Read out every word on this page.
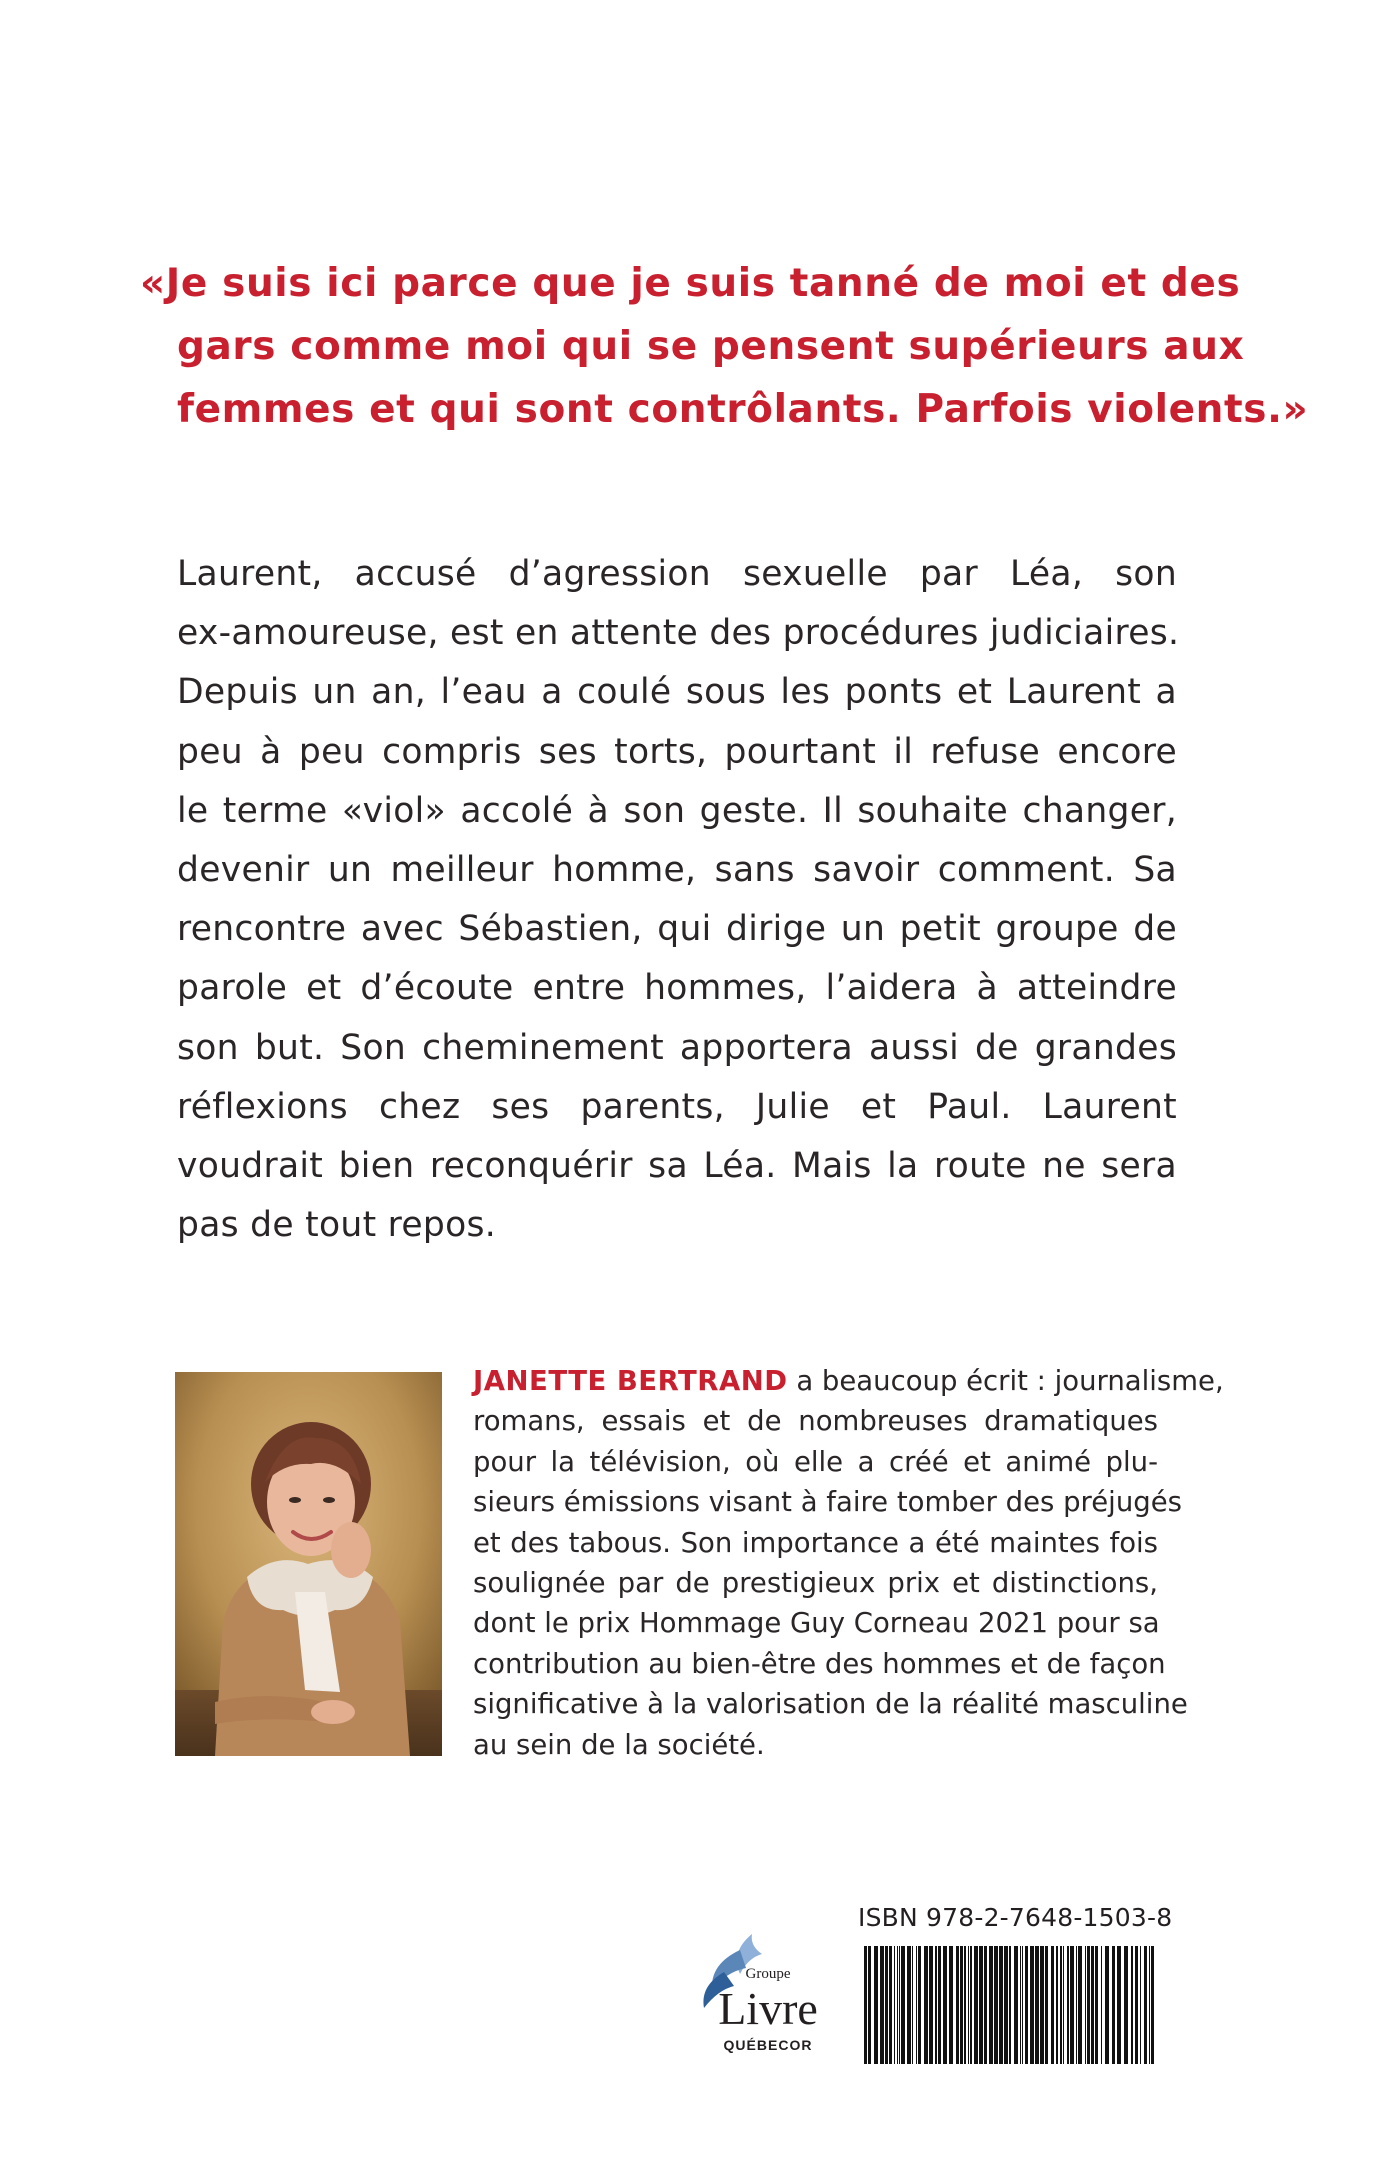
«Je suis ici parce que je suis tanné de moi et des
gars comme moi qui se pensent supérieurs aux
femmes et qui sont contrôlants. Parfois violents.»
Laurent, accusé d’agression sexuelle par Léa, son
ex-amoureuse, est en attente des procédures judiciaires.
Depuis un an, l’eau a coulé sous les ponts et Laurent a
peu à peu compris ses torts, pourtant il refuse encore
le terme «viol» accolé à son geste. Il souhaite changer,
devenir un meilleur homme, sans savoir comment. Sa
rencontre avec Sébastien, qui dirige un petit groupe de
parole et d’écoute entre hommes, l’aidera à atteindre
son but. Son cheminement apportera aussi de grandes
réflexions chez ses parents, Julie et Paul. Laurent
voudrait bien reconquérir sa Léa. Mais la route ne sera
pas de tout repos.
JANETTE BERTRAND a beaucoup écrit : journalisme,
romans, essais et de nombreuses dramatiques
pour la télévision, où elle a créé et animé plu-
sieurs émissions visant à faire tomber des préjugés
et des tabous. Son importance a été maintes fois
soulignée par de prestigieux prix et distinctions,
dont le prix Hommage Guy Corneau 2021 pour sa
contribution au bien-être des hommes et de façon
significative à la valorisation de la réalité masculine
au sein de la société.
Groupe
Livre
QUÉBECOR
ISBN 978-2-7648-1503-8
